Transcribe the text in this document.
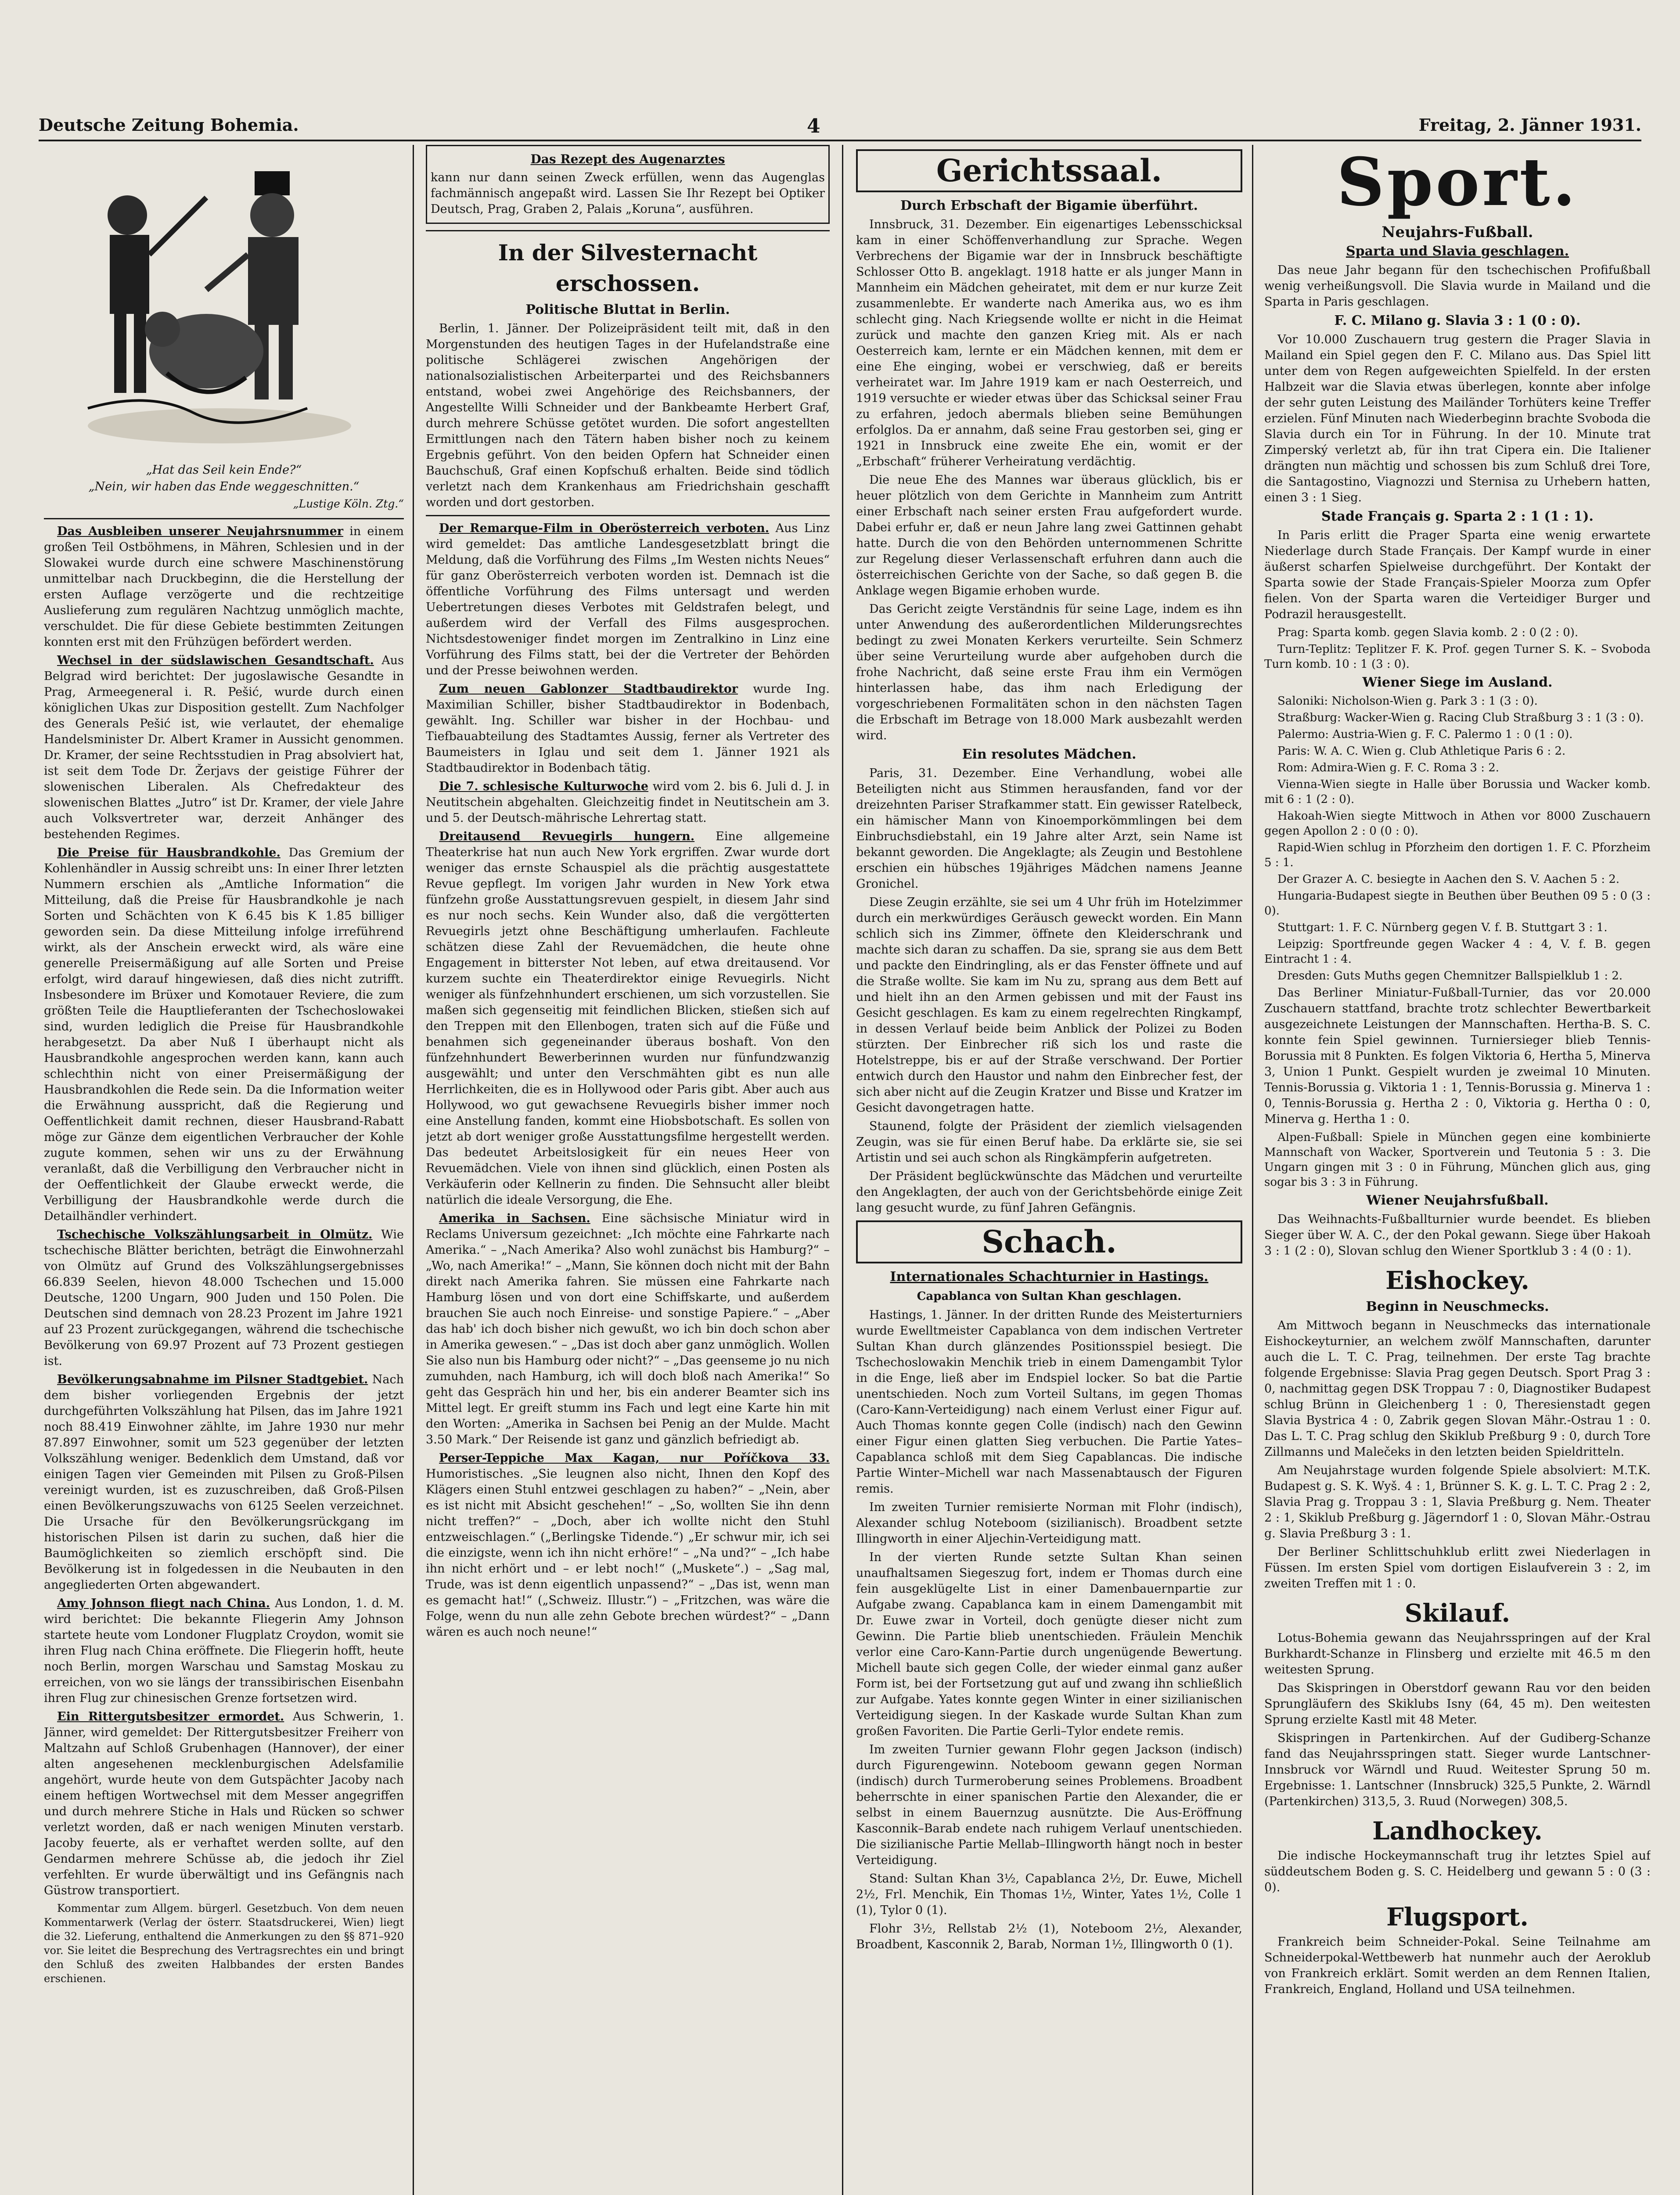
Deutsche Zeitung Bohemia.	4	Freitag, 2. Jänner 1931.
„Hat das Seil kein Ende?“
„Nein, wir haben das Ende weggeschnitten.“
„Lustige Köln. Ztg.“

Das Ausbleiben unserer Neujahrsnummer in einem großen Teil Ostböhmens, in Mähren, Schlesien und in der Slowakei wurde durch eine schwere Maschinenstörung unmittelbar nach Druckbeginn, die die Herstellung der ersten Auflage verzögerte und die rechtzeitige Auslieferung zum regulären Nachtzug unmöglich machte, verschuldet. Die für diese Gebiete bestimmten Zeitungen konnten erst mit den Frühzügen befördert werden.

Wechsel in der südslawischen Gesandtschaft. Aus Belgrad wird berichtet: Der jugoslawische Gesandte in Prag, Armeegeneral i. R. Pešić, wurde durch einen königlichen Ukas zur Disposition gestellt. Zum Nachfolger des Generals Pešić ist, wie verlautet, der ehemalige Handelsminister Dr. Albert Kramer in Aussicht genommen. Dr. Kramer, der seine Rechtsstudien in Prag absolviert hat, ist seit dem Tode Dr. Žerjavs der geistige Führer der slowenischen Liberalen. Als Chefredakteur des slowenischen Blattes „Jutro“ ist Dr. Kramer, der viele Jahre auch Volksvertreter war, derzeit Anhänger des bestehenden Regimes.

Die Preise für Hausbrandkohle. Das Gremium der Kohlenhändler in Aussig schreibt uns: In einer Ihrer letzten Nummern erschien als „Amtliche Information“ die Mitteilung, daß die Preise für Hausbrandkohle je nach Sorten und Schächten von K 6.45 bis K 1.85 billiger geworden sein. Da diese Mitteilung infolge irreführend wirkt, als der Anschein erweckt wird, als wäre eine generelle Preisermäßigung auf alle Sorten und Preise erfolgt, wird darauf hingewiesen, daß dies nicht zutrifft. Insbesondere im Brüxer und Komotauer Reviere, die zum größten Teile die Hauptlieferanten der Tschechoslowakei sind, wurden lediglich die Preise für Hausbrandkohle herabgesetzt. Da aber Nuß I überhaupt nicht als Hausbrandkohle angesprochen werden kann, kann auch schlechthin nicht von einer Preisermäßigung der Hausbrandkohlen die Rede sein. Da die Information weiter die Erwähnung ausspricht, daß die Regierung und Oeffentlichkeit damit rechnen, dieser Hausbrand-Rabatt möge zur Gänze dem eigentlichen Verbraucher der Kohle zugute kommen, sehen wir uns zu der Erwähnung veranlaßt, daß die Verbilligung den Verbraucher nicht in der Oeffentlichkeit der Glaube erweckt werde, die Verbilligung der Hausbrandkohle werde durch die Detailhändler verhindert.

Tschechische Volkszählungsarbeit in Olmütz. Wie tschechische Blätter berichten, beträgt die Einwohnerzahl von Olmütz auf Grund des Volkszählungsergebnisses 66.839 Seelen, hievon 48.000 Tschechen und 15.000 Deutsche, 1200 Ungarn, 900 Juden und 150 Polen. Die Deutschen sind demnach von 28.23 Prozent im Jahre 1921 auf 23 Prozent zurückgegangen, während die tschechische Bevölkerung von 69.97 Prozent auf 73 Prozent gestiegen ist.

Bevölkerungsabnahme im Pilsner Stadtgebiet. Nach dem bisher vorliegenden Ergebnis der jetzt durchgeführten Volkszählung hat Pilsen, das im Jahre 1921 noch 88.419 Einwohner zählte, im Jahre 1930 nur mehr 87.897 Einwohner, somit um 523 gegenüber der letzten Volkszählung weniger. Bedenklich dem Umstand, daß vor einigen Tagen vier Gemeinden mit Pilsen zu Groß-Pilsen vereinigt wurden, ist es zuzuschreiben, daß Groß-Pilsen einen Bevölkerungszuwachs von 6125 Seelen verzeichnet. Die Ursache für den Bevölkerungsrückgang im historischen Pilsen ist darin zu suchen, daß hier die Baumöglichkeiten so ziemlich erschöpft sind. Die Bevölkerung ist in folgedessen in die Neubauten in den angegliederten Orten abgewandert.

Amy Johnson fliegt nach China. Aus London, 1. d. M. wird berichtet: Die bekannte Fliegerin Amy Johnson startete heute vom Londoner Flugplatz Croydon, womit sie ihren Flug nach China eröffnete. Die Fliegerin hofft, heute noch Berlin, morgen Warschau und Samstag Moskau zu erreichen, von wo sie längs der transsibirischen Eisenbahn ihren Flug zur chinesischen Grenze fortsetzen wird.

Ein Rittergutsbesitzer ermordet. Aus Schwerin, 1. Jänner, wird gemeldet: Der Rittergutsbesitzer Freiherr von Maltzahn auf Schloß Grubenhagen (Hannover), der einer alten angesehenen mecklenburgischen Adelsfamilie angehört, wurde heute von dem Gutspächter Jacoby nach einem heftigen Wortwechsel mit dem Messer angegriffen und durch mehrere Stiche in Hals und Rücken so schwer verletzt worden, daß er nach wenigen Minuten verstarb. Jacoby feuerte, als er verhaftet werden sollte, auf den Gendarmen mehrere Schüsse ab, die jedoch ihr Ziel verfehlten. Er wurde überwältigt und ins Gefängnis nach Güstrow transportiert.

Kommentar zum Allgem. bürgerl. Gesetzbuch. Von dem neuen Kommentarwerk (Verlag der österr. Staatsdruckerei, Wien) liegt die 32. Lieferung, enthaltend die Anmerkungen zu den §§ 871–920 vor. Sie leitet die Besprechung des Vertragsrechtes ein und bringt den Schluß des zweiten Halbbandes der ersten Bandes erschienen.

Das Rezept des Augenarztes

kann nur dann seinen Zweck erfüllen, wenn das Augenglas fachmännisch angepaßt wird. Lassen Sie Ihr Rezept bei Optiker Deutsch, Prag, Graben 2, Palais „Koruna“, ausführen.

In der Silvesternacht erschossen.
Politische Bluttat in Berlin.

Berlin, 1. Jänner. Der Polizeipräsident teilt mit, daß in den Morgenstunden des heutigen Tages in der Hufelandstraße eine politische Schlägerei zwischen Angehörigen der nationalsozialistischen Arbeiterpartei und des Reichsbanners entstand, wobei zwei Angehörige des Reichsbanners, der Angestellte Willi Schneider und der Bankbeamte Herbert Graf, durch mehrere Schüsse getötet wurden. Die sofort angestellten Ermittlungen nach den Tätern haben bisher noch zu keinem Ergebnis geführt. Von den beiden Opfern hat Schneider einen Bauchschuß, Graf einen Kopfschuß erhalten. Beide sind tödlich verletzt nach dem Krankenhaus am Friedrichshain geschafft worden und dort gestorben.

Der Remarque-Film in Oberösterreich verboten. Aus Linz wird gemeldet: Das amtliche Landesgesetzblatt bringt die Meldung, daß die Vorführung des Films „Im Westen nichts Neues“ für ganz Oberösterreich verboten worden ist. Demnach ist die öffentliche Vorführung des Films untersagt und werden Uebertretungen dieses Verbotes mit Geldstrafen belegt, und außerdem wird der Verfall des Films ausgesprochen. Nichtsdestoweniger findet morgen im Zentralkino in Linz eine Vorführung des Films statt, bei der die Vertreter der Behörden und der Presse beiwohnen werden.

Zum neuen Gablonzer Stadtbaudirektor wurde Ing. Maximilian Schiller, bisher Stadtbaudirektor in Bodenbach, gewählt. Ing. Schiller war bisher in der Hochbau- und Tiefbauabteilung des Stadtamtes Aussig, ferner als Vertreter des Baumeisters in Iglau und seit dem 1. Jänner 1921 als Stadtbaudirektor in Bodenbach tätig.

Die 7. schlesische Kulturwoche wird vom 2. bis 6. Juli d. J. in Neutitschein abgehalten. Gleichzeitig findet in Neutitschein am 3. und 5. der Deutsch-mährische Lehrertag statt.

Dreitausend Revuegirls hungern. Eine allgemeine Theaterkrise hat nun auch New York ergriffen. Zwar wurde dort weniger das ernste Schauspiel als die prächtig ausgestattete Revue gepflegt. Im vorigen Jahr wurden in New York etwa fünfzehn große Ausstattungsrevuen gespielt, in diesem Jahr sind es nur noch sechs. Kein Wunder also, daß die vergötterten Revuegirls jetzt ohne Beschäftigung umherlaufen. Fachleute schätzen diese Zahl der Revuemädchen, die heute ohne Engagement in bitterster Not leben, auf etwa dreitausend. Vor kurzem suchte ein Theaterdirektor einige Revuegirls. Nicht weniger als fünfzehnhundert erschienen, um sich vorzustellen. Sie maßen sich gegenseitig mit feindlichen Blicken, stießen sich auf den Treppen mit den Ellenbogen, traten sich auf die Füße und benahmen sich gegeneinander überaus boshaft. Von den fünfzehnhundert Bewerberinnen wurden nur fünfundzwanzig ausgewählt; und unter den Verschmähten gibt es nun alle Herrlichkeiten, die es in Hollywood oder Paris gibt. Aber auch aus Hollywood, wo gut gewachsene Revuegirls bisher immer noch eine Anstellung fanden, kommt eine Hiobsbotschaft. Es sollen von jetzt ab dort weniger große Ausstattungsfilme hergestellt werden. Das bedeutet Arbeitslosigkeit für ein neues Heer von Revuemädchen. Viele von ihnen sind glücklich, einen Posten als Verkäuferin oder Kellnerin zu finden. Die Sehnsucht aller bleibt natürlich die ideale Versorgung, die Ehe.

Amerika in Sachsen. Eine sächsische Miniatur wird in Reclams Universum gezeichnet: „Ich möchte eine Fahrkarte nach Amerika.“ – „Nach Amerika? Also wohl zunächst bis Hamburg?“ – „Wo, nach Amerika!“ – „Mann, Sie können doch nicht mit der Bahn direkt nach Amerika fahren. Sie müssen eine Fahrkarte nach Hamburg lösen und von dort eine Schiffskarte, und außerdem brauchen Sie auch noch Einreise- und sonstige Papiere.“ – „Aber das hab' ich doch bisher nich gewußt, wo ich bin doch schon aber in Amerika gewesen.“ – „Das ist doch aber ganz unmöglich. Wollen Sie also nun bis Hamburg oder nicht?“ – „Das geenseme jo nu nich zumuhden, nach Hamburg, ich will doch bloß nach Amerika!“ So geht das Gespräch hin und her, bis ein anderer Beamter sich ins Mittel legt. Er greift stumm ins Fach und legt eine Karte hin mit den Worten: „Amerika in Sachsen bei Penig an der Mulde. Macht 3.50 Mark.“ Der Reisende ist ganz und gänzlich befriedigt ab.

Perser-Teppiche Max Kagan, nur Poříčkova 33. Humoristisches. „Sie leugnen also nicht, Ihnen den Kopf des Klägers einen Stuhl entzwei geschlagen zu haben?“ – „Nein, aber es ist nicht mit Absicht geschehen!“ – „So, wollten Sie ihn denn nicht treffen?“ – „Doch, aber ich wollte nicht den Stuhl entzweischlagen.“ („Berlingske Tidende.“) „Er schwur mir, ich sei die einzigste, wenn ich ihn nicht erhöre!“ – „Na und?“ – „Ich habe ihn nicht erhört und – er lebt noch!“ („Muskete“.) – „Sag mal, Trude, was ist denn eigentlich unpassend?“ – „Das ist, wenn man es gemacht hat!“ („Schweiz. Illustr.“) – „Fritzchen, was wäre die Folge, wenn du nun alle zehn Gebote brechen würdest?“ – „Dann wären es auch noch neune!“

Gerichtssaal.
Durch Erbschaft der Bigamie überführt.

Innsbruck, 31. Dezember. Ein eigenartiges Lebensschicksal kam in einer Schöffenverhandlung zur Sprache. Wegen Verbrechens der Bigamie war der in Innsbruck beschäftigte Schlosser Otto B. angeklagt. 1918 hatte er als junger Mann in Mannheim ein Mädchen geheiratet, mit dem er nur kurze Zeit zusammenlebte. Er wanderte nach Amerika aus, wo es ihm schlecht ging. Nach Kriegsende wollte er nicht in die Heimat zurück und machte den ganzen Krieg mit. Als er nach Oesterreich kam, lernte er ein Mädchen kennen, mit dem er eine Ehe einging, wobei er verschwieg, daß er bereits verheiratet war. Im Jahre 1919 kam er nach Oesterreich, und 1919 versuchte er wieder etwas über das Schicksal seiner Frau zu erfahren, jedoch abermals blieben seine Bemühungen erfolglos. Da er annahm, daß seine Frau gestorben sei, ging er 1921 in Innsbruck eine zweite Ehe ein, womit er der „Erbschaft“ früherer Verheiratung verdächtig.

Die neue Ehe des Mannes war überaus glücklich, bis er heuer plötzlich von dem Gerichte in Mannheim zum Antritt einer Erbschaft nach seiner ersten Frau aufgefordert wurde. Dabei erfuhr er, daß er neun Jahre lang zwei Gattinnen gehabt hatte. Durch die von den Behörden unternommenen Schritte zur Regelung dieser Verlassenschaft erfuhren dann auch die österreichischen Gerichte von der Sache, so daß gegen B. die Anklage wegen Bigamie erhoben wurde.

Das Gericht zeigte Verständnis für seine Lage, indem es ihn unter Anwendung des außerordentlichen Milderungsrechtes bedingt zu zwei Monaten Kerkers verurteilte. Sein Schmerz über seine Verurteilung wurde aber aufgehoben durch die frohe Nachricht, daß seine erste Frau ihm ein Vermögen hinterlassen habe, das ihm nach Erledigung der vorgeschriebenen Formalitäten schon in den nächsten Tagen die Erbschaft im Betrage von 18.000 Mark ausbezahlt werden wird.

Ein resolutes Mädchen.

Paris, 31. Dezember. Eine Verhandlung, wobei alle Beteiligten nicht aus Stimmen herausfanden, fand vor der dreizehnten Pariser Strafkammer statt. Ein gewisser Ratelbeck, ein hämischer Mann von Kinoemporkömmlingen bei dem Einbruchsdiebstahl, ein 19 Jahre alter Arzt, sein Name ist bekannt geworden. Die Angeklagte; als Zeugin und Bestohlene erschien ein hübsches 19jähriges Mädchen namens Jeanne Gronichel.

Diese Zeugin erzählte, sie sei um 4 Uhr früh im Hotelzimmer durch ein merkwürdiges Geräusch geweckt worden. Ein Mann schlich sich ins Zimmer, öffnete den Kleiderschrank und machte sich daran zu schaffen. Da sie, sprang sie aus dem Bett und packte den Eindringling, als er das Fenster öffnete und auf die Straße wollte. Sie kam im Nu zu, sprang aus dem Bett auf und hielt ihn an den Armen gebissen und mit der Faust ins Gesicht geschlagen. Es kam zu einem regelrechten Ringkampf, in dessen Verlauf beide beim Anblick der Polizei zu Boden stürzten. Der Einbrecher riß sich los und raste die Hotelstreppe, bis er auf der Straße verschwand. Der Portier entwich durch den Haustor und nahm den Einbrecher fest, der sich aber nicht auf die Zeugin Kratzer und Bisse und Kratzer im Gesicht davongetragen hatte.

Staunend, folgte der Präsident der ziemlich vielsagenden Zeugin, was sie für einen Beruf habe. Da erklärte sie, sie sei Artistin und sei auch schon als Ringkämpferin aufgetreten.

Der Präsident beglückwünschte das Mädchen und verurteilte den Angeklagten, der auch von der Gerichtsbehörde einige Zeit lang gesucht wurde, zu fünf Jahren Gefängnis.

Schach.
Internationales Schachturnier in Hastings.
Capablanca von Sultan Khan geschlagen.

Hastings, 1. Jänner. In der dritten Runde des Meisterturniers wurde Ewelltmeister Capablanca von dem indischen Vertreter Sultan Khan durch glänzendes Positionsspiel besiegt. Die Tschechoslowakin Menchik trieb in einem Damengambit Tylor in die Enge, ließ aber im Endspiel locker. So bat die Partie unentschieden. Noch zum Vorteil Sultans, im gegen Thomas (Caro-Kann-Verteidigung) nach einem Verlust einer Figur auf. Auch Thomas konnte gegen Colle (indisch) nach den Gewinn einer Figur einen glatten Sieg verbuchen. Die Partie Yates–Capablanca schloß mit dem Sieg Capablancas. Die indische Partie Winter–Michell war nach Massenabtausch der Figuren remis.

Im zweiten Turnier remisierte Norman mit Flohr (indisch), Alexander schlug Noteboom (sizilianisch). Broadbent setzte Illingworth in einer Aljechin-Verteidigung matt.

In der vierten Runde setzte Sultan Khan seinen unaufhaltsamen Siegeszug fort, indem er Thomas durch eine fein ausgeklügelte List in einer Damenbauernpartie zur Aufgabe zwang. Capablanca kam in einem Damengambit mit Dr. Euwe zwar in Vorteil, doch genügte dieser nicht zum Gewinn. Die Partie blieb unentschieden. Fräulein Menchik verlor eine Caro-Kann-Partie durch ungenügende Bewertung. Michell baute sich gegen Colle, der wieder einmal ganz außer Form ist, bei der Fortsetzung gut auf und zwang ihn schließlich zur Aufgabe. Yates konnte gegen Winter in einer sizilianischen Verteidigung siegen. In der Kaskade wurde Sultan Khan zum großen Favoriten. Die Partie Gerli–Tylor endete remis.

Im zweiten Turnier gewann Flohr gegen Jackson (indisch) durch Figurengewinn. Noteboom gewann gegen Norman (indisch) durch Turmeroberung seines Problemens. Broadbent beherrschte in einer spanischen Partie den Alexander, die er selbst in einem Bauernzug ausnützte. Die Aus-Eröffnung Kasconnik–Barab endete nach ruhigem Verlauf unentschieden. Die sizilianische Partie Mellab–Illingworth hängt noch in bester Verteidigung.

Stand: Sultan Khan 3½, Capablanca 2½, Dr. Euwe, Michell 2½, Frl. Menchik, Ein Thomas 1½, Winter, Yates 1½, Colle 1 (1), Tylor 0 (1).

Flohr 3½, Rellstab 2½ (1), Noteboom 2½, Alexander, Broadbent, Kasconnik 2, Barab, Norman 1½, Illingworth 0 (1).

Sport.
Neujahrs-Fußball.
Sparta und Slavia geschlagen.

Das neue Jahr begann für den tschechischen Profifußball wenig verheißungsvoll. Die Slavia wurde in Mailand und die Sparta in Paris geschlagen.

F. C. Milano g. Slavia 3 : 1 (0 : 0).

Vor 10.000 Zuschauern trug gestern die Prager Slavia in Mailand ein Spiel gegen den F. C. Milano aus. Das Spiel litt unter dem von Regen aufgeweichten Spielfeld. In der ersten Halbzeit war die Slavia etwas überlegen, konnte aber infolge der sehr guten Leistung des Mailänder Torhüters keine Treffer erzielen. Fünf Minuten nach Wiederbeginn brachte Svoboda die Slavia durch ein Tor in Führung. In der 10. Minute trat Zimperský verletzt ab, für ihn trat Cipera ein. Die Italiener drängten nun mächtig und schossen bis zum Schluß drei Tore, die Santagostino, Viagnozzi und Sternisa zu Urhebern hatten, einen 3 : 1 Sieg.

Stade Français g. Sparta 2 : 1 (1 : 1).

In Paris erlitt die Prager Sparta eine wenig erwartete Niederlage durch Stade Français. Der Kampf wurde in einer äußerst scharfen Spielweise durchgeführt. Der Kontakt der Sparta sowie der Stade Français-Spieler Moorza zum Opfer fielen. Von der Sparta waren die Verteidiger Burger und Podrazil herausgestellt.

Prag: Sparta komb. gegen Slavia komb. 2 : 0 (2 : 0).

Turn-Teplitz: Teplitzer F. K. Prof. gegen Turner S. K. – Svoboda Turn komb. 10 : 1 (3 : 0).

Wiener Siege im Ausland.

Saloniki: Nicholson-Wien g. Park 3 : 1 (3 : 0).

Straßburg: Wacker-Wien g. Racing Club Straßburg 3 : 1 (3 : 0).

Palermo: Austria-Wien g. F. C. Palermo 1 : 0 (1 : 0).

Paris: W. A. C. Wien g. Club Athletique Paris 6 : 2.

Rom: Admira-Wien g. F. C. Roma 3 : 2.

Vienna-Wien siegte in Halle über Borussia und Wacker komb. mit 6 : 1 (2 : 0).

Hakoah-Wien siegte Mittwoch in Athen vor 8000 Zuschauern gegen Apollon 2 : 0 (0 : 0).

Rapid-Wien schlug in Pforzheim den dortigen 1. F. C. Pforzheim 5 : 1.

Der Grazer A. C. besiegte in Aachen den S. V. Aachen 5 : 2.

Hungaria-Budapest siegte in Beuthen über Beuthen 09 5 : 0 (3 : 0).

Stuttgart: 1. F. C. Nürnberg gegen V. f. B. Stuttgart 3 : 1.

Leipzig: Sportfreunde gegen Wacker 4 : 4, V. f. B. gegen Eintracht 1 : 4.

Dresden: Guts Muths gegen Chemnitzer Ballspielklub 1 : 2.

Das Berliner Miniatur-Fußball-Turnier, das vor 20.000 Zuschauern stattfand, brachte trotz schlechter Bewertbarkeit ausgezeichnete Leistungen der Mannschaften. Hertha-B. S. C. konnte fein Spiel gewinnen. Turniersieger blieb Tennis-Borussia mit 8 Punkten. Es folgen Viktoria 6, Hertha 5, Minerva 3, Union 1 Punkt. Gespielt wurden je zweimal 10 Minuten. Tennis-Borussia g. Viktoria 1 : 1, Tennis-Borussia g. Minerva 1 : 0, Tennis-Borussia g. Hertha 2 : 0, Viktoria g. Hertha 0 : 0, Minerva g. Hertha 1 : 0.

Alpen-Fußball: Spiele in München gegen eine kombinierte Mannschaft von Wacker, Sportverein und Teutonia 5 : 3. Die Ungarn gingen mit 3 : 0 in Führung, München glich aus, ging sogar bis 3 : 3 in Führung.

Wiener Neujahrsfußball.

Das Weihnachts-Fußballturnier wurde beendet. Es blieben Sieger über W. A. C., der den Pokal gewann. Siege über Hakoah 3 : 1 (2 : 0), Slovan schlug den Wiener Sportklub 3 : 4 (0 : 1).

Eishockey.
Beginn in Neuschmecks.

Am Mittwoch begann in Neuschmecks das internationale Eishockeyturnier, an welchem zwölf Mannschaften, darunter auch die L. T. C. Prag, teilnehmen. Der erste Tag brachte folgende Ergebnisse: Slavia Prag gegen Deutsch. Sport Prag 3 : 0, nachmittag gegen DSK Troppau 7 : 0, Diagnostiker Budapest schlug Brünn in Gleichenberg 1 : 0, Theresienstadt gegen Slavia Bystrica 4 : 0, Zabrik gegen Slovan Mähr.-Ostrau 1 : 0. Das L. T. C. Prag schlug den Skiklub Preßburg 9 : 0, durch Tore Zillmanns und Malečeks in den letzten beiden Spieldritteln.

Am Neujahrstage wurden folgende Spiele absolviert: M.T.K. Budapest g. S. K. Wyš. 4 : 1, Brünner S. K. g. L. T. C. Prag 2 : 2, Slavia Prag g. Troppau 3 : 1, Slavia Preßburg g. Nem. Theater 2 : 1, Skiklub Preßburg g. Jägerndorf 1 : 0, Slovan Mähr.-Ostrau g. Slavia Preßburg 3 : 1.

Der Berliner Schlittschuhklub erlitt zwei Niederlagen in Füssen. Im ersten Spiel vom dortigen Eislaufverein 3 : 2, im zweiten Treffen mit 1 : 0.

Skilauf.

Lotus-Bohemia gewann das Neujahrsspringen auf der Kral Burkhardt-Schanze in Flinsberg und erzielte mit 46.5 m den weitesten Sprung.

Das Skispringen in Oberstdorf gewann Rau vor den beiden Sprungläufern des Skiklubs Isny (64, 45 m). Den weitesten Sprung erzielte Kastl mit 48 Meter.

Skispringen in Partenkirchen. Auf der Gudiberg-Schanze fand das Neujahrsspringen statt. Sieger wurde Lantschner-Innsbruck vor Wärndl und Ruud. Weitester Sprung 50 m. Ergebnisse: 1. Lantschner (Innsbruck) 325,5 Punkte, 2. Wärndl (Partenkirchen) 313,5, 3. Ruud (Norwegen) 308,5.

Landhockey.

Die indische Hockeymannschaft trug ihr letztes Spiel auf süddeutschem Boden g. S. C. Heidelberg und gewann 5 : 0 (3 : 0).

Flugsport.

Frankreich beim Schneider-Pokal. Seine Teilnahme am Schneiderpokal-Wettbewerb hat nunmehr auch der Aeroklub von Frankreich erklärt. Somit werden an dem Rennen Italien, Frankreich, England, Holland und USA teilnehmen.
